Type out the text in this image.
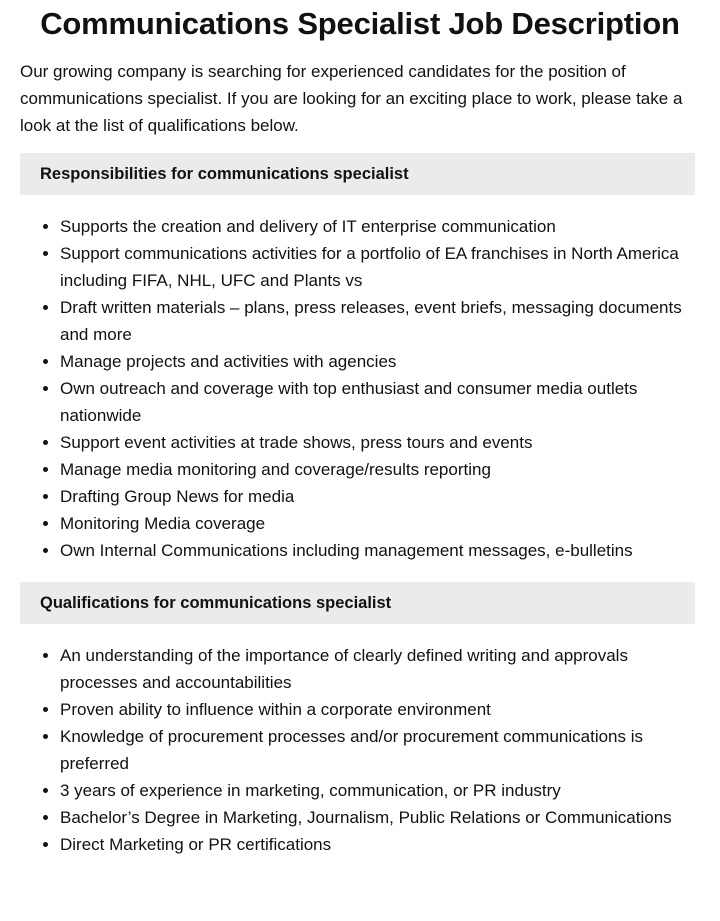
Communications Specialist Job Description

Our growing company is searching for experienced candidates for the position of communications specialist. If you are looking for an exciting place to work, please take a look at the list of qualifications below.

Responsibilities for communications specialist
• Supports the creation and delivery of IT enterprise communication
• Support communications activities for a portfolio of EA franchises in North America including FIFA, NHL, UFC and Plants vs
• Draft written materials – plans, press releases, event briefs, messaging documents and more
• Manage projects and activities with agencies
• Own outreach and coverage with top enthusiast and consumer media outlets nationwide
• Support event activities at trade shows, press tours and events
• Manage media monitoring and coverage/results reporting
• Drafting Group News for media
• Monitoring Media coverage
• Own Internal Communications including management messages, e-bulletins
Qualifications for communications specialist
• An understanding of the importance of clearly defined writing and approvals processes and accountabilities
• Proven ability to influence within a corporate environment
• Knowledge of procurement processes and/or procurement communications is preferred
• 3 years of experience in marketing, communication, or PR industry
• Bachelor’s Degree in Marketing, Journalism, Public Relations or Communications
• Direct Marketing or PR certifications
